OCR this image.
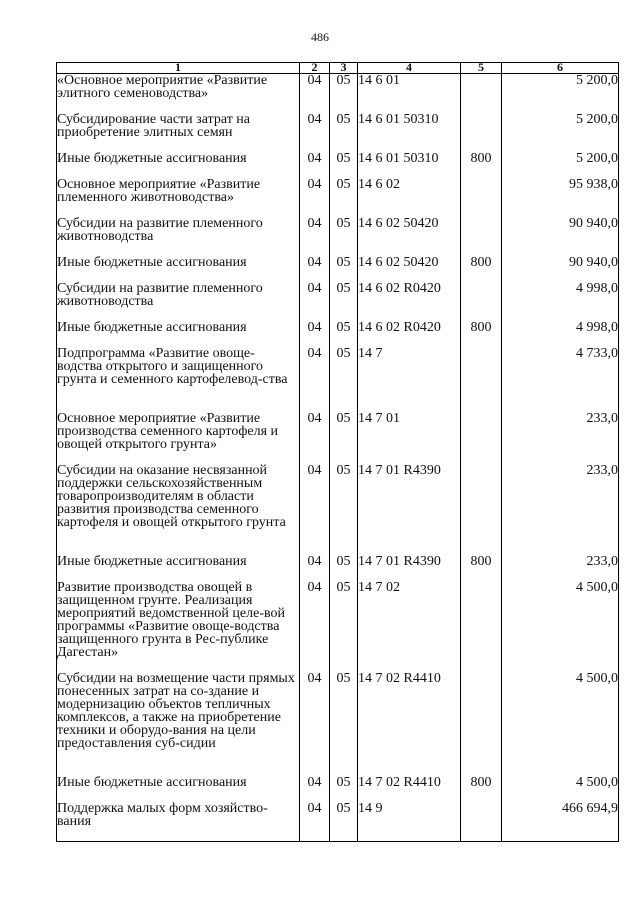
486
1	2	3	4	5	6
«Основное мероприятие «Развитие элитного семеноводства»	04	05	14 6 01		5 200,0
Субсидирование части затрат на приобретение элитных семян	04	05	14 6 01 50310		5 200,0
Иные бюджетные ассигнования	04	05	14 6 01 50310	800	5 200,0
Основное мероприятие «Развитие племенного животноводства»	04	05	14 6 02		95 938,0
Субсидии на развитие племенного животноводства	04	05	14 6 02 50420		90 940,0
Иные бюджетные ассигнования	04	05	14 6 02 50420	800	90 940,0
Субсидии на развитие племенного животноводства	04	05	14 6 02 R0420		4 998,0
Иные бюджетные ассигнования	04	05	14 6 02 R0420	800	4 998,0
Подпрограмма «Развитие овоще-водства открытого и защищенного грунта и семенного картофелевод-ства	04	05	14 7		4 733,0
Основное мероприятие «Развитие производства семенного картофеля и овощей открытого грунта»	04	05	14 7 01		233,0
Субсидии на оказание несвязанной поддержки сельскохозяйственным товаропроизводителям в области развития производства семенного картофеля и овощей открытого грунта	04	05	14 7 01 R4390		233,0
Иные бюджетные ассигнования	04	05	14 7 01 R4390	800	233,0
Развитие производства овощей в защищенном грунте. Реализация мероприятий ведомственной целе-вой программы «Развитие овоще-водства защищенного грунта в Рес-публике Дагестан»	04	05	14 7 02		4 500,0
Субсидии на возмещение части прямых понесенных затрат на со-здание и модернизацию объектов тепличных комплексов, а также на приобретение техники и оборудо-вания на цели предоставления суб-сидии	04	05	14 7 02 R4410		4 500,0
Иные бюджетные ассигнования	04	05	14 7 02 R4410	800	4 500,0
Поддержка малых форм хозяйство-вания	04	05	14 9		466 694,9
